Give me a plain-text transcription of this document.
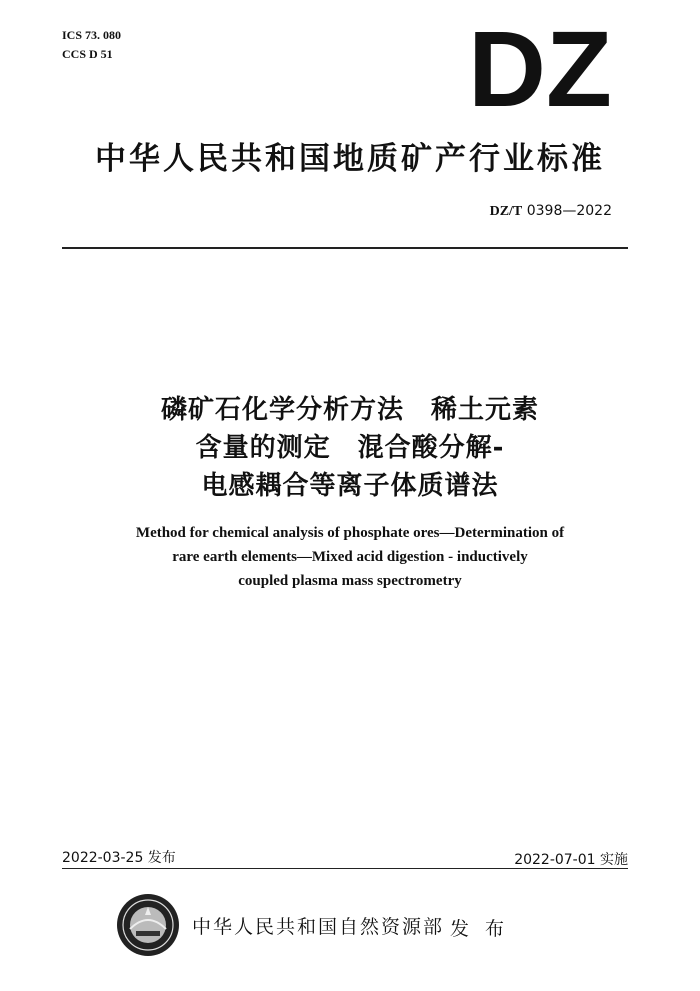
ICS 73. 080
CCS D 51	DZ
中华人民共和国地质矿产行业标准
DZ/T 0398—2022
磷矿石化学分析方法　稀土元素
含量的测定　混合酸分解-
电感耦合等离子体质谱法
Method for chemical analysis of phosphate ores—Determination of
rare earth elements—Mixed acid digestion - inductively
coupled plasma mass spectrometry
2022-03-25 发布	2022-07-01 实施
中华人民共和国自然资源部 发 布
